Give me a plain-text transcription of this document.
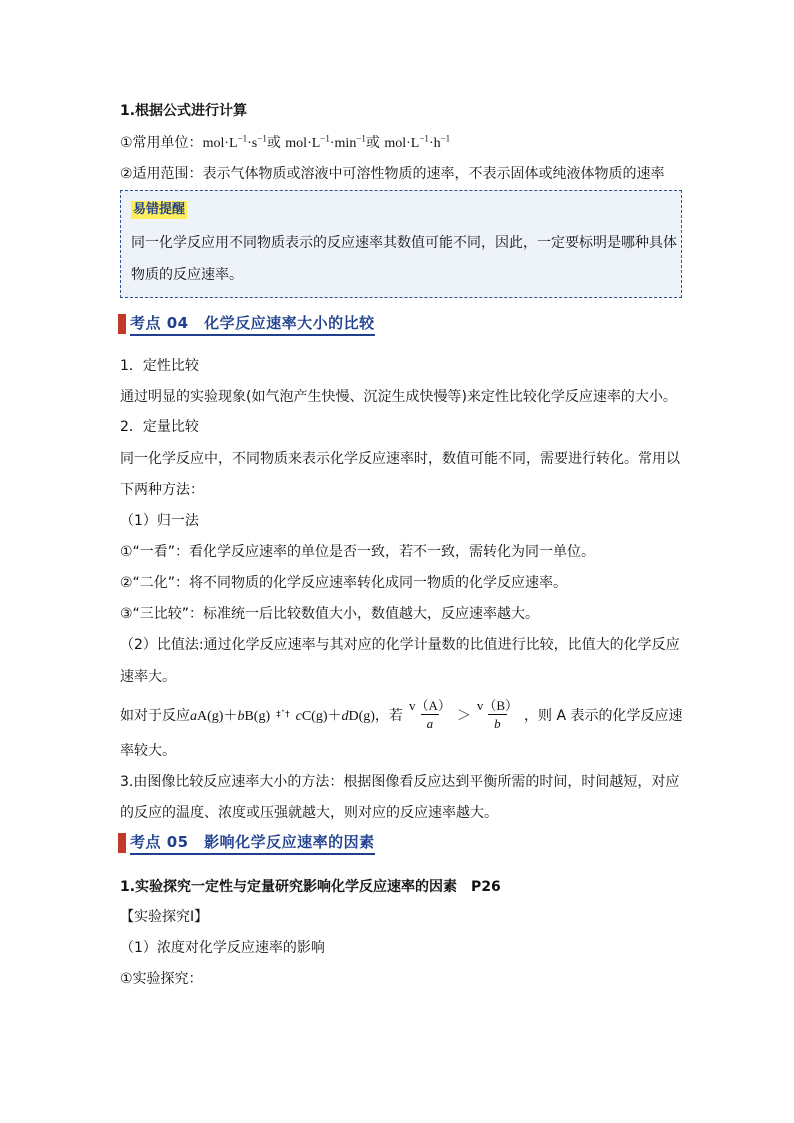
1.根据公式进行计算
①常用单位：$mol\cdot L^{-1}\cdot s^{-1}$或 $mol\cdot L^{-1}\cdot\min^{-1}$或 $mol\cdot L^{-1}\cdot h^{-1}$
②适用范围：表示气体物质或溶液中可溶性物质的速率，不表示固体或纯液体物质的速率
易错提醒
同一化学反应用不同物质表示的反应速率其数值可能不同，因此，一定要标明是哪种具体
物质的反应速率。
考点 04　化学反应速率大小的比较
1．定性比较
通过明显的实验现象(如气泡产生快慢、沉淀生成快慢等)来定性比较化学反应速率的大小。
2．定量比较
同一化学反应中，不同物质来表示化学反应速率时，数值可能不同，需要进行转化。常用以
下两种方法：
（1）归一法
①“一看”：看化学反应速率的单位是否一致，若不一致，需转化为同一单位。
②“二化”：将不同物质的化学反应速率转化成同一物质的化学反应速率。
③“三比较”：标准统一后比较数值大小，数值越大，反应速率越大。
（2）比值法:通过化学反应速率与其对应的化学计量数的比值进行比较，比值大的化学反应
速率大。
如对于反应 aA(g)＋bB(g) ‡ˆ† cC(g)＋dD(g)，若 $\frac{v(A)}{a} > \frac{v(B)}{b}$ ，则 A 表示的化学反应速
率较大。
3.由图像比较反应速率大小的方法：根据图像看反应达到平衡所需的时间，时间越短，对应
的反应的温度、浓度或压强就越大，则对应的反应速率越大。
考点 05　影响化学反应速率的因素
1.实验探究一定性与定量研究影响化学反应速率的因素　P26
【实验探究Ⅰ】
（1）浓度对化学反应速率的影响
①实验探究：
